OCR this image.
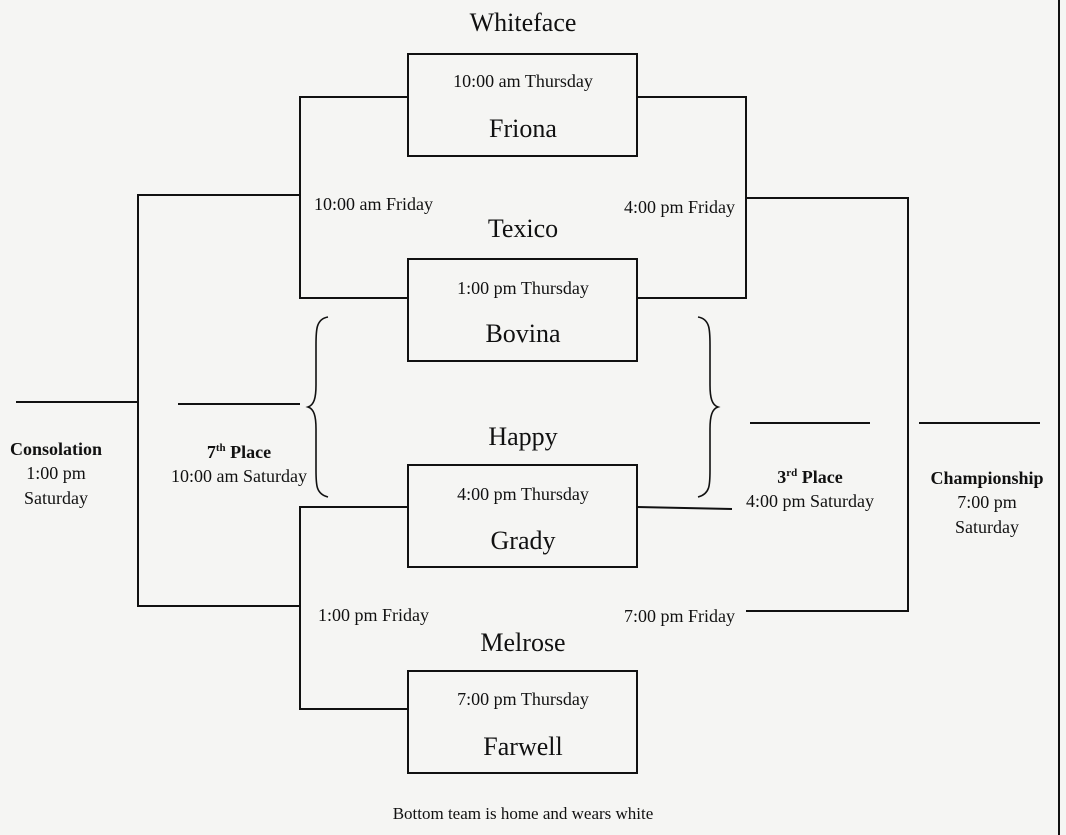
Whiteface
10:00 am Thursday
Friona
Texico
1:00 pm Thursday
Bovina
Happy
4:00 pm Thursday
Grady
Melrose
7:00 pm Thursday
Farwell
10:00 am Friday	4:00 pm Friday
1:00 pm Friday	7:00 pm Friday
Consolation
1:00 pm
Saturday
7th Place
10:00 am Saturday	3rd Place
4:00 pm Saturday
Championship
7:00 pm
Saturday
Bottom team is home and wears white
